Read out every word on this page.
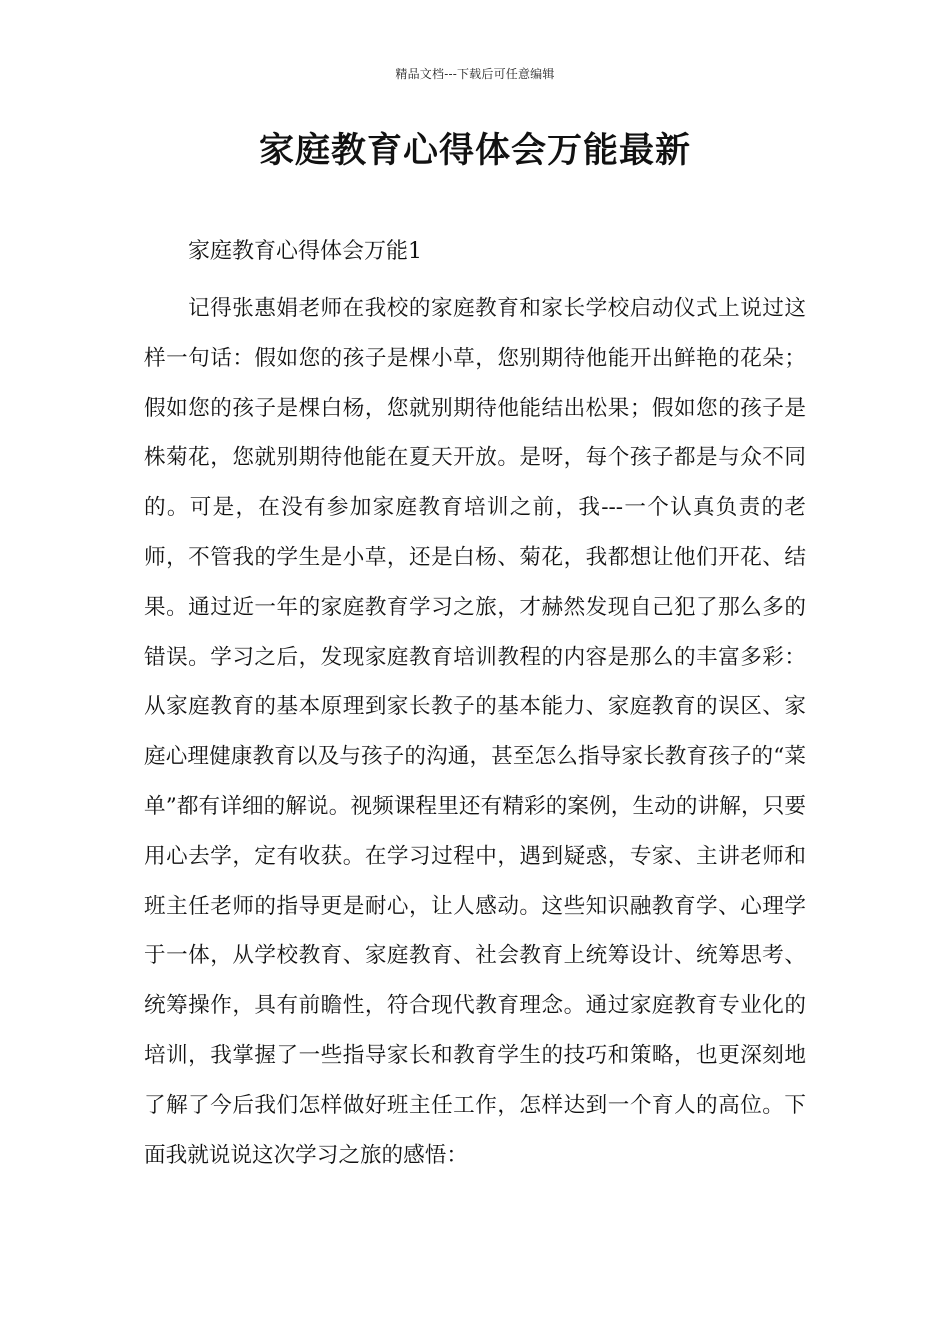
精品文档---下载后可任意编辑
家庭教育心得体会万能最新
家庭教育心得体会万能1

记得张惠娟老师在我校的家庭教育和家长学校启动仪式上说过这样一句话：假如您的孩子是棵小草，您别期待他能开出鲜艳的花朵；假如您的孩子是棵白杨，您就别期待他能结出松果；假如您的孩子是株菊花，您就别期待他能在夏天开放。是呀，每个孩子都是与众不同的。可是，在没有参加家庭教育培训之前，我---一个认真负责的老师，不管我的学生是小草，还是白杨、菊花，我都想让他们开花、结果。通过近一年的家庭教育学习之旅，才赫然发现自己犯了那么多的错误。学习之后，发现家庭教育培训教程的内容是那么的丰富多彩：从家庭教育的基本原理到家长教子的基本能力、家庭教育的误区、家庭心理健康教育以及与孩子的沟通，甚至怎么指导家长教育孩子的“菜单”都有详细的解说。视频课程里还有精彩的案例，生动的讲解，只要用心去学，定有收获。在学习过程中，遇到疑惑，专家、主讲老师和班主任老师的指导更是耐心，让人感动。这些知识融教育学、心理学于一体，从学校教育、家庭教育、社会教育上统筹设计、统筹思考、统筹操作，具有前瞻性，符合现代教育理念。通过家庭教育专业化的培训，我掌握了一些指导家长和教育学生的技巧和策略，也更深刻地了解了今后我们怎样做好班主任工作，怎样达到一个育人的高位。下面我就说说这次学习之旅的感悟：
